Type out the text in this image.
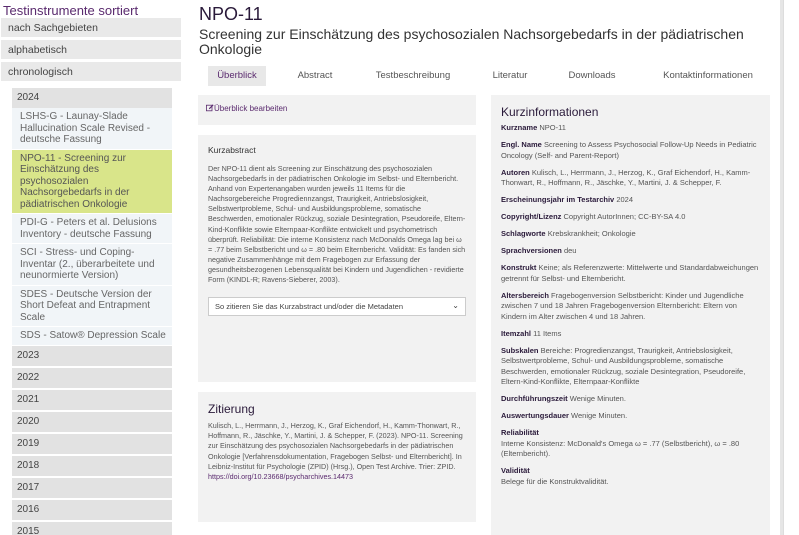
Testinstrumente sortiert
nach Sachgebieten
alphabetisch
chronologisch
2024
LSHS-G - Launay-Slade Hallucination Scale Revised - deutsche Fassung
NPO-11 - Screening zur Einschätzung des psychosozialen Nachsorgebedarfs in der pädiatrischen Onkologie
PDI-G - Peters et al. Delusions Inventory - deutsche Fassung
SCI - Stress- und Coping-Inventar (2., überarbeitete und neunormierte Version)
SDES - Deutsche Version der Short Defeat and Entrapment Scale
SDS - Satow® Depression Scale
2023
2022
2021
2020
2019
2018
2017
2016
2015
NPO-11
Screening zur Einschätzung des psychosozialen Nachsorgebedarfs in der pädiatrischen Onkologie
Überblick	Abstract	Testbeschreibung	Literatur	Downloads	Kontaktinformationen
Überblick bearbeiten
Kurzabstract
Der NPO-11 dient als Screening zur Einschätzung des psychosozialen Nachsorgebedarfs in der pädiatrischen Onkologie im Selbst- und Elternbericht. Anhand von Expertenangaben wurden jeweils 11 Items für die Nachsorgebereiche Progrediennzangst, Traurigkeit, Antriebslosigkeit, Selbstwertprobleme, Schul- und Ausbildungsprobleme, somatische Beschwerden, emotionaler Rückzug, soziale Desintegration, Pseudoreife, Eltern-Kind-Konflikte sowie Elternpaar-Konflikte entwickelt und psychometrisch überprüft. Reliabilität: Die interne Konsistenz nach McDonalds Omega lag bei ω = .77 beim Selbstbericht und ω = .80 beim Elternbericht. Validität: Es fanden sich negative Zusammenhänge mit dem Fragebogen zur Erfassung der gesundheitsbezogenen Lebensqualität bei Kindern und Jugendlichen - revidierte Form (KINDL-R; Ravens-Sieberer, 2003).
So zitieren Sie das Kurzabstract und/oder die Metadaten	⌄
Zitierung
Kulisch, L., Herrmann, J., Herzog, K., Graf Eichendorf, H., Kamm-Thonwart, R., Hoffmann, R., Jäschke, Y., Martini, J. & Schepper, F. (2023). NPO-11. Screening zur Einschätzung des psychosozialen Nachsorgebedarfs in der pädiatrischen Onkologie [Verfahrensdokumentation, Fragebogen Selbst- und Elternbericht]. In Leibniz-Institut für Psychologie (ZPID) (Hrsg.), Open Test Archive. Trier: ZPID.
https://doi.org/10.23668/psycharchives.14473
Kurzinformationen
Kurzname NPO-11
Engl. Name Screening to Assess Psychosocial Follow-Up Needs in Pediatric Oncology (Self- and Parent-Report)
Autoren Kulisch, L., Herrmann, J., Herzog, K., Graf Eichendorf, H., Kamm-Thonwart, R., Hoffmann, R., Jäschke, Y., Martini, J. & Schepper, F.
Erscheinungsjahr im Testarchiv 2024
Copyright/Lizenz Copyright AutorInnen; CC-BY-SA 4.0
Schlagworte Krebskrankheit; Onkologie
Sprachversionen deu
Konstrukt Keine; als Referenzwerte: Mittelwerte und Standardabweichungen getrennt für Selbst- und Elternbericht.
Altersbereich Fragebogenversion Selbstbericht: Kinder und Jugendliche zwischen 7 und 18 Jahren Fragebogenversion Elternbericht: Eltern von Kindern im Alter zwischen 4 und 18 Jahren.
Itemzahl 11 Items
Subskalen Bereiche: Progredienzangst, Traurigkeit, Antriebslosigkeit, Selbstwertprobleme, Schul- und Ausbildungsprobleme, somatische Beschwerden, emotionaler Rückzug, soziale Desintegration, Pseudoreife, Eltern-Kind-Konflikte, Elternpaar-Konflikte
Durchführungszeit Wenige Minuten.
Auswertungsdauer Wenige Minuten.
Reliabilität
Interne Konsistenz: McDonald's Omega ω = .77 (Selbstbericht), ω = .80 (Elternbericht).
Validität
Belege für die Konstruktvalidität.
